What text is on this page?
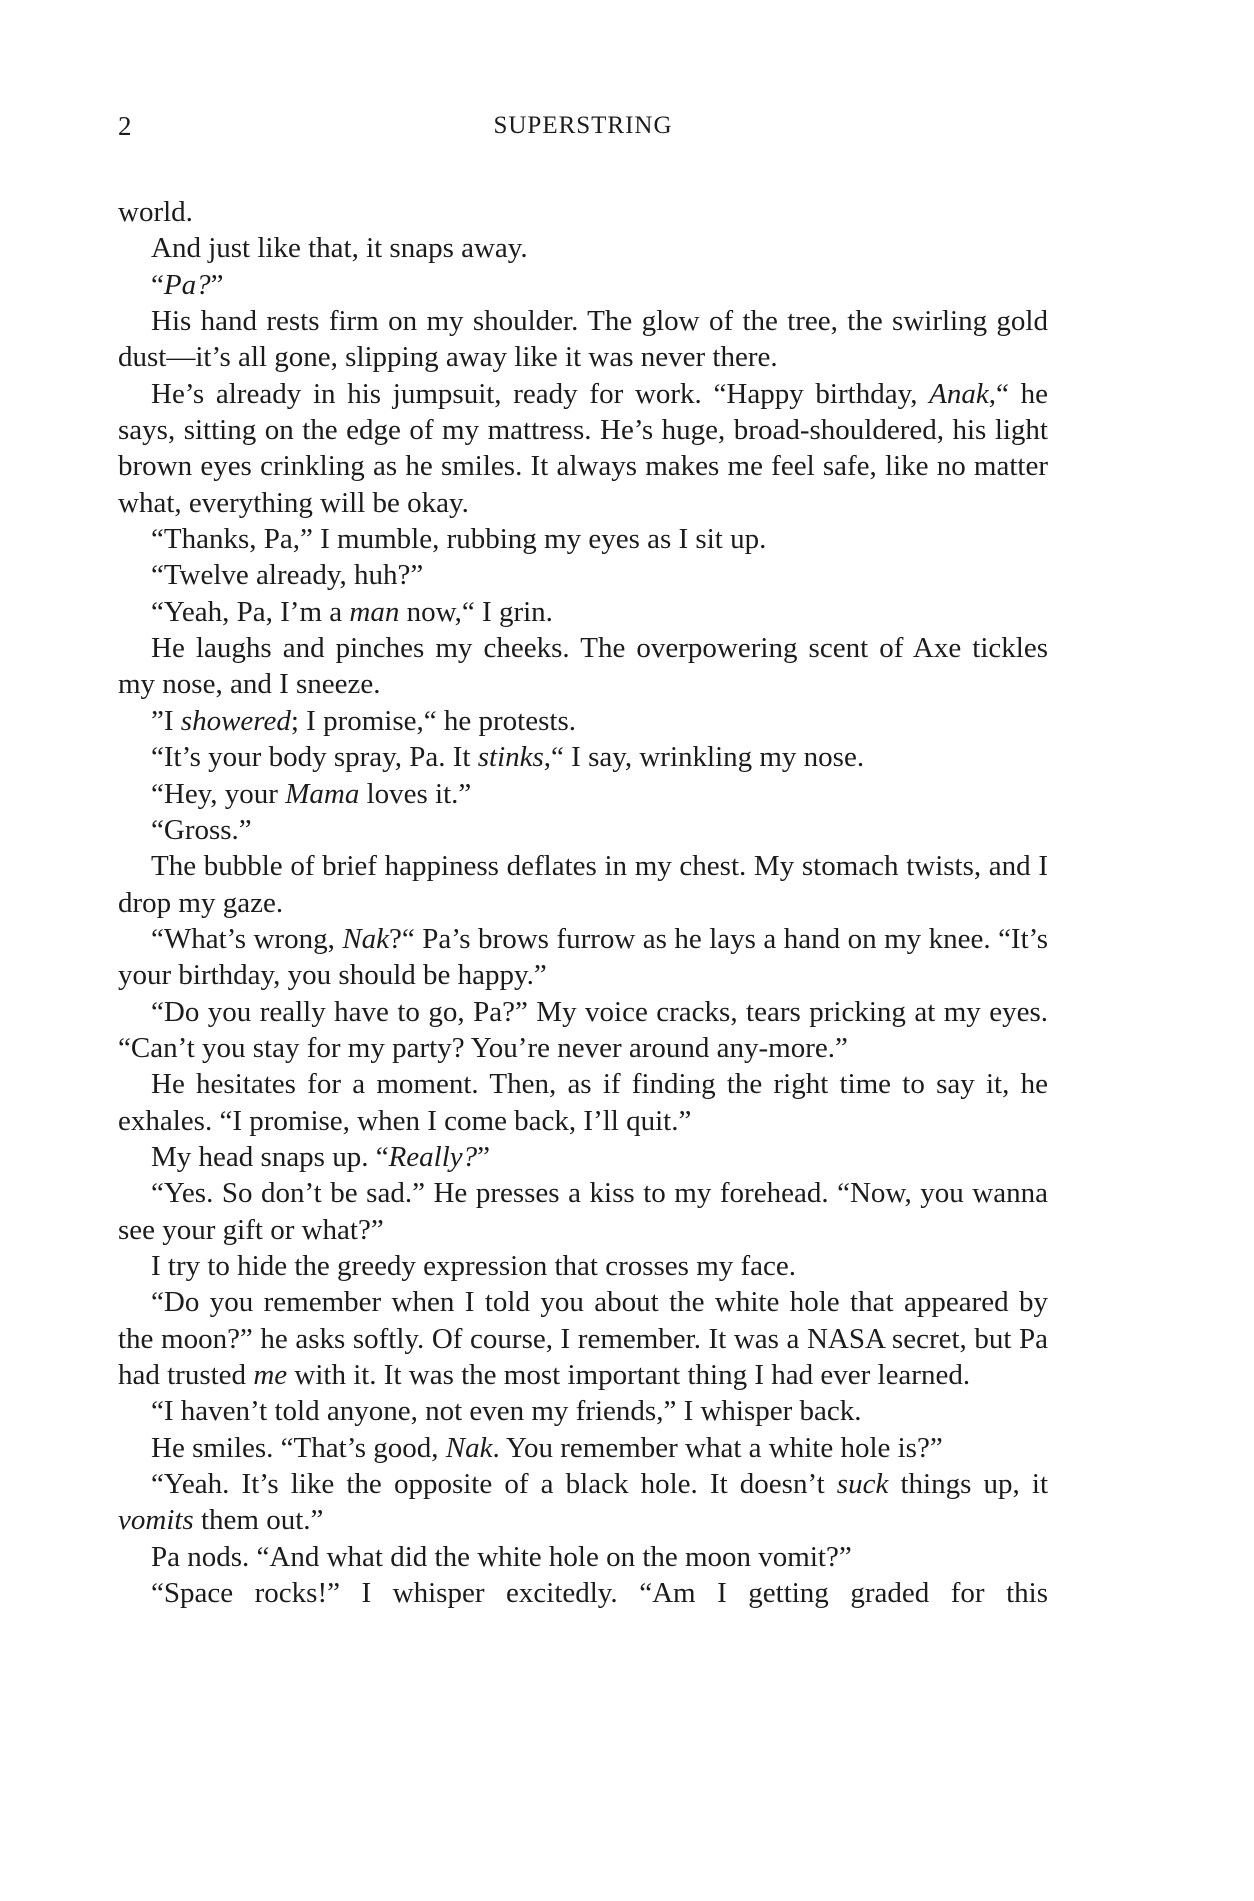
2	SUPERSTRING

world.

And just like that, it snaps away.

“Pa?”

His hand rests firm on my shoulder. The glow of the tree, the swirling gold dust—it’s all gone, slipping away like it was never there.

He’s already in his jumpsuit, ready for work. “Happy birthday, Anak,“ he says, sitting on the edge of my mattress. He’s huge, broad-shouldered, his light brown eyes crinkling as he smiles. It always makes me feel safe, like no matter what, everything will be okay.

“Thanks, Pa,” I mumble, rubbing my eyes as I sit up.

“Twelve already, huh?”

“Yeah, Pa, I’m a man now,“ I grin.

He laughs and pinches my cheeks. The overpowering scent of Axe tickles my nose, and I sneeze.

”I showered; I promise,“ he protests.

“It’s your body spray, Pa. It stinks,“ I say, wrinkling my nose.

“Hey, your Mama loves it.”

“Gross.”

The bubble of brief happiness deflates in my chest. My stomach twists, and I drop my gaze.

“What’s wrong, Nak?“ Pa’s brows furrow as he lays a hand on my knee. “It’s your birthday, you should be happy.”

“Do you really have to go, Pa?” My voice cracks, tears pricking at my eyes. “Can’t you stay for my party? You’re never around any-more.”

He hesitates for a moment. Then, as if finding the right time to say it, he exhales. “I promise, when I come back, I’ll quit.”

My head snaps up. “Really?”

“Yes. So don’t be sad.” He presses a kiss to my forehead. “Now, you wanna see your gift or what?”

I try to hide the greedy expression that crosses my face.

“Do you remember when I told you about the white hole that appeared by the moon?” he asks softly. Of course, I remember. It was a NASA secret, but Pa had trusted me with it. It was the most important thing I had ever learned.

“I haven’t told anyone, not even my friends,” I whisper back.

He smiles. “That’s good, Nak. You remember what a white hole is?”

“Yeah. It’s like the opposite of a black hole. It doesn’t suck things up, it vomits them out.”

Pa nods. “And what did the white hole on the moon vomit?”

“Space rocks!” I whisper excitedly. “Am I getting graded for this
